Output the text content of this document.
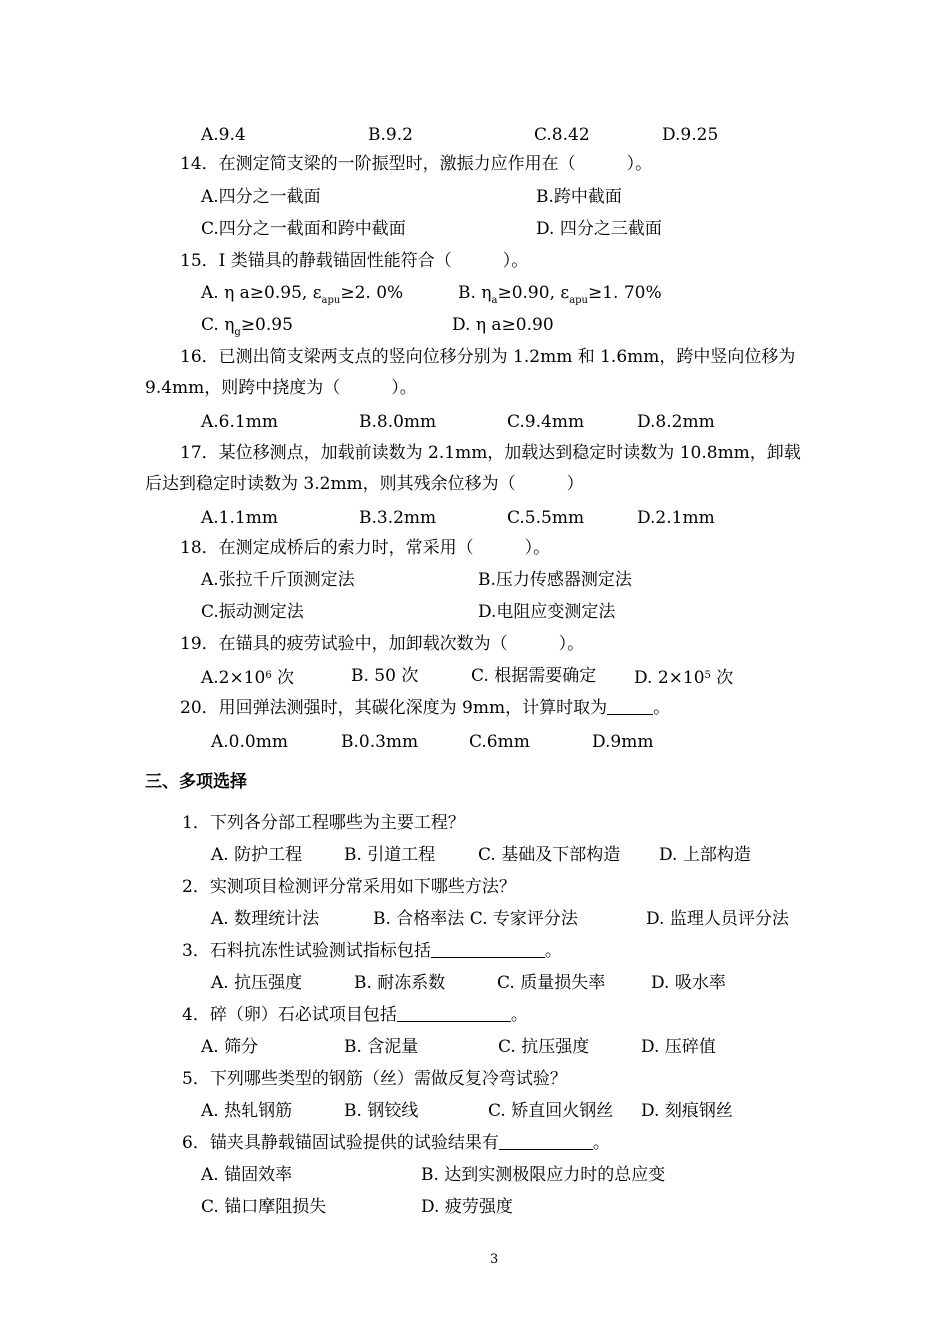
A.9.4	B.9.2	C.8.42	D.9.25
14．在测定简支梁的一阶振型时，激振力应作用在（　　　）。
A.四分之一截面	B.跨中截面
C.四分之一截面和跨中截面	D. 四分之三截面
15．I 类锚具的静载锚固性能符合（　　　）。
A. η a≥0.95, $\varepsilon_{apu}\ge 2$. 0%	B. $\eta_a\ge 0.90$, $\varepsilon_{apu}\ge 1$. 70%
C. $\eta_g\ge 0.95$	D. η a≥0.90
16．已测出简支梁两支点的竖向位移分别为 1.2mm 和 1.6mm，跨中竖向位移为
9.4mm，则跨中挠度为（　　　）。
A.6.1mm	B.8.0mm	C.9.4mm	D.8.2mm
17．某位移测点，加载前读数为 2.1mm，加载达到稳定时读数为 10.8mm，卸载
后达到稳定时读数为 3.2mm，则其残余位移为（　　　）
A.1.1mm	B.3.2mm	C.5.5mm	D.2.1mm
18．在测定成桥后的索力时，常采用（　　　）。
A.张拉千斤顶测定法	B.压力传感器测定法
C.振动测定法	D.电阻应变测定法
19．在锚具的疲劳试验中，加卸载次数为（　　　）。
$A.2\times 10^6$ 次	B. 50 次	C. 根据需要确定 D. $2\times 10^5$ 次
20．用回弹法测强时，其碳化深度为 9mm，计算时取为	。
A.0.0mm	B.0.3mm	C.6mm	D.9mm
三、多项选择
1．下列各分部工程哪些为主要工程？
A. 防护工程 B. 引道工程	C. 基础及下部构造 D. 上部构造
2．实测项目检测评分常采用如下哪些方法？
A. 数理统计法	B. 合格率法 C. 专家评分法	D. 监理人员评分法
3．石料抗冻性试验测试指标包括	。
A. 抗压强度	B. 耐冻系数	C. 质量损失率	D. 吸水率
4．碎（卵）石必试项目包括	。
A. 筛分	B. 含泥量	C. 抗压强度	D. 压碎值
5．下列哪些类型的钢筋（丝）需做反复冷弯试验？
A. 热轧钢筋	B. 钢铰线	C. 矫直回火钢丝 D. 刻痕钢丝
6．锚夹具静载锚固试验提供的试验结果有	。
A. 锚固效率	B. 达到实测极限应力时的总应变
C. 锚口摩阻损失	D. 疲劳强度
3
